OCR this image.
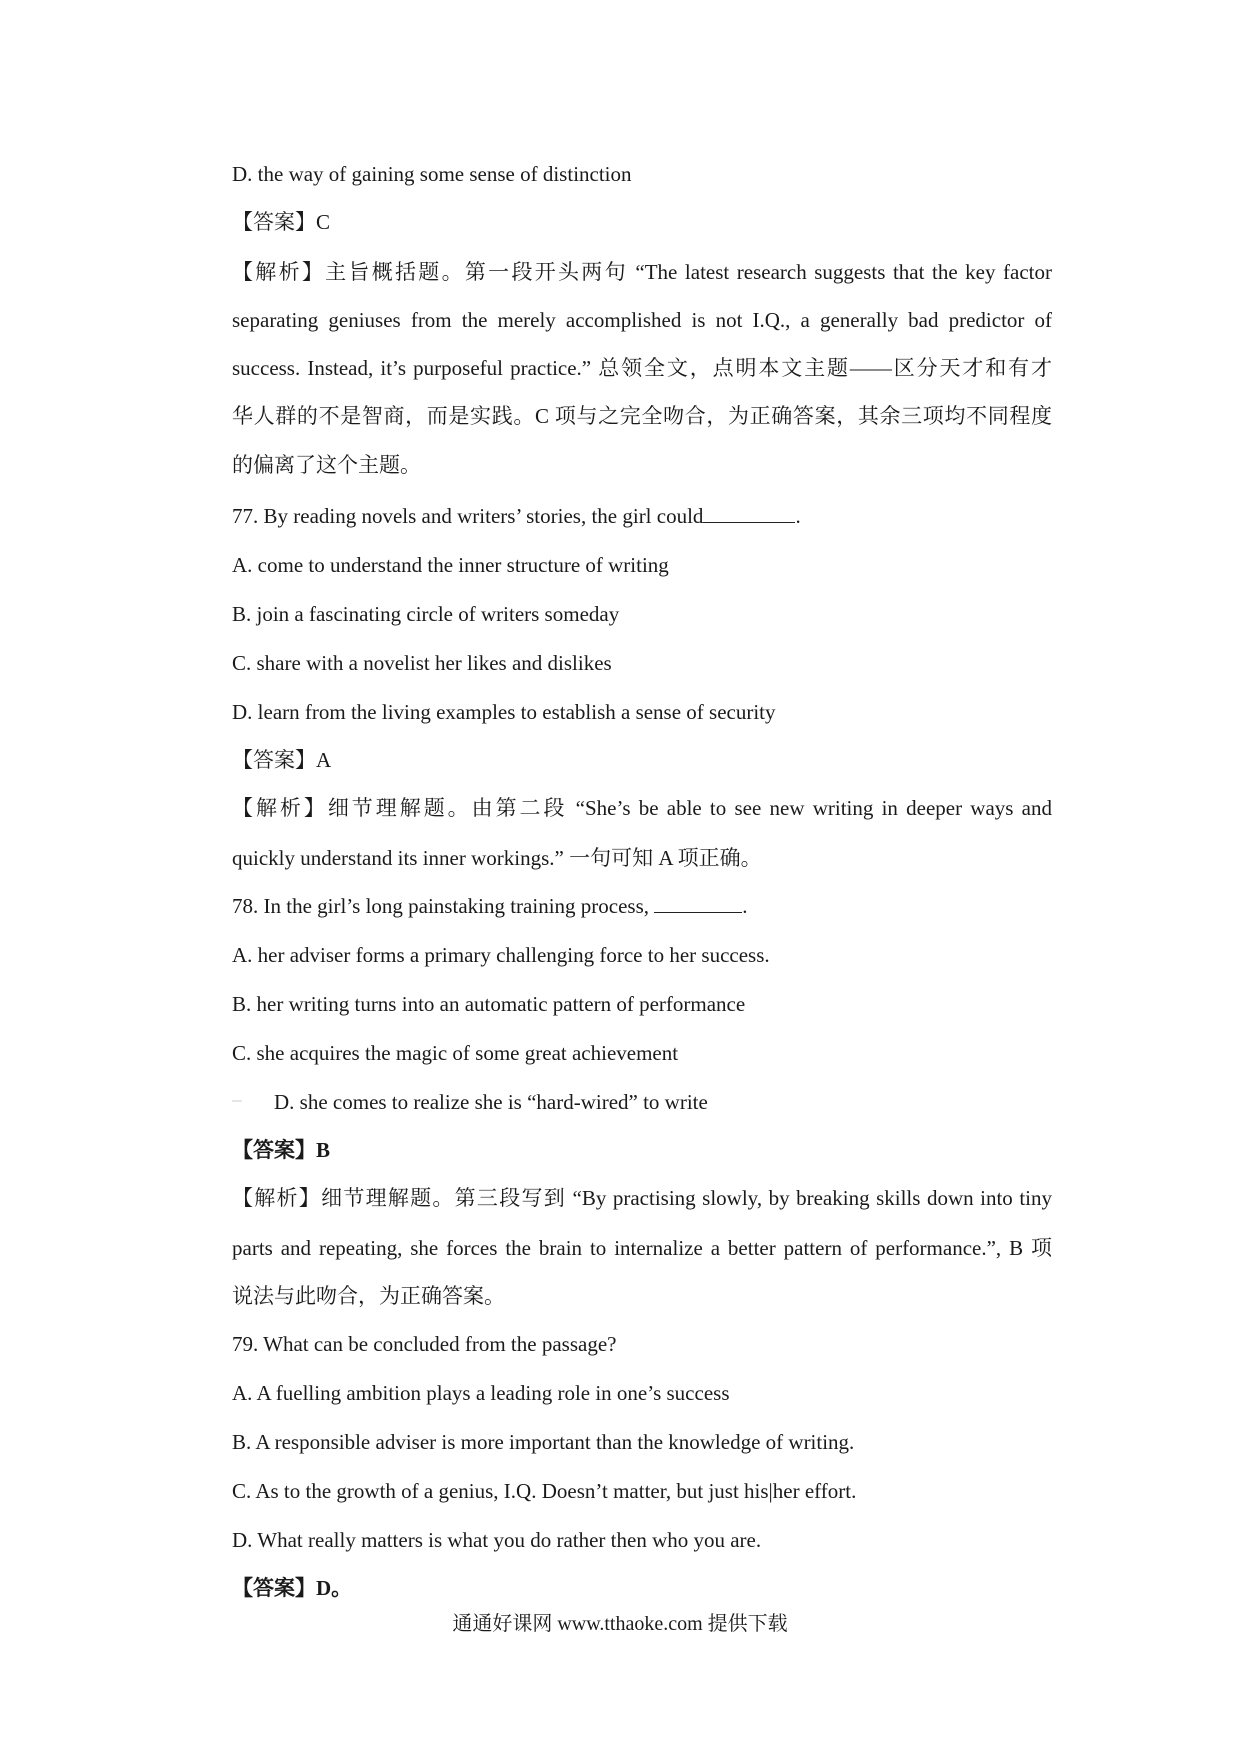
D. the way of gaining some sense of distinction
【答案】C
【解析】主旨概括题。第一段开头两句 “The latest research suggests that the key factor
separating geniuses from the merely accomplished is not I.Q., a generally bad predictor of
success. Instead, it’s purposeful practice.” 总领全文，点明本文主题——区分天才和有才
华人群的不是智商，而是实践。C 项与之完全吻合，为正确答案，其余三项均不同程度
的偏离了这个主题。
77. By reading novels and writers’ stories, the girl could	.
A. come to understand the inner structure of writing
B. join a fascinating circle of writers someday
C. share with a novelist her likes and dislikes
D. learn from the living examples to establish a sense of security
【答案】A
【解析】细节理解题。由第二段 “She’s be able to see new writing in deeper ways and
quickly understand its inner workings.” 一句可知 A 项正确。
78. In the girl’s long painstaking training process,	.
A. her adviser forms a primary challenging force to her success.
B. her writing turns into an automatic pattern of performance
C. she acquires the magic of some great achievement
D. she comes to realize she is “hard-wired” to write
【答案】B
【解析】细节理解题。第三段写到 “By practising slowly, by breaking skills down into tiny
parts and repeating, she forces the brain to internalize a better pattern of performance.”, B 项
说法与此吻合，为正确答案。
79. What can be concluded from the passage?
A. A fuelling ambition plays a leading role in one’s success
B. A responsible adviser is more important than the knowledge of writing.
C. As to the growth of a genius, I.Q. Doesn’t matter, but just his|her effort.
D. What really matters is what you do rather then who you are.
【答案】D。
通通好课网 www.tthaoke.com 提供下载
